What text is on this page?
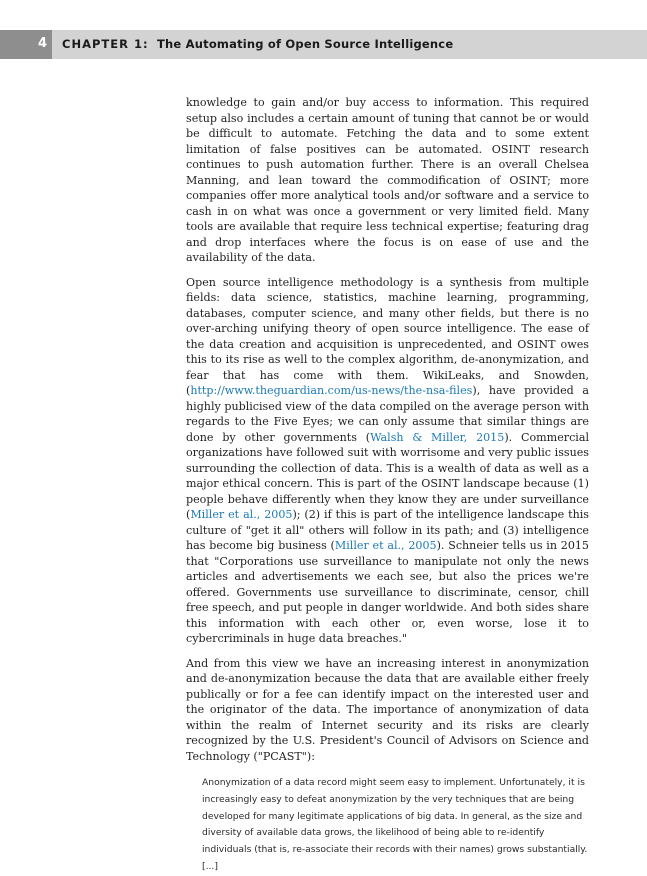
4 CHAPTER 1: The Automating of Open Source Intelligence

knowledge to gain and/or buy access to information. This required setup also includes a certain amount of tuning that cannot be or would be difficult to automate. Fetching the data and to some extent limitation of false positives can be automated. OSINT research continues to push automation further. There is an overall Chelsea Manning, and lean toward the commodification of OSINT; more companies offer more analytical tools and/or software and a service to cash in on what was once a government or very limited field. Many tools are available that require less technical expertise; featuring drag and drop interfaces where the focus is on ease of use and the availability of the data.

Open source intelligence methodology is a synthesis from multiple fields: data science, statistics, machine learning, programming, databases, computer science, and many other fields, but there is no over-arching unifying theory of open source intelligence. The ease of the data creation and acquisition is unprecedented, and OSINT owes this to its rise as well to the complex algorithm, de-anonymization, and fear that has come with them. WikiLeaks, and Snowden, (http://www.theguardian.com/us-news/the-nsa-files), have provided a highly publicised view of the data compiled on the average person with regards to the Five Eyes; we can only assume that similar things are done by other governments (Walsh & Miller, 2015). Commercial organizations have followed suit with worrisome and very public issues surrounding the collection of data. This is a wealth of data as well as a major ethical concern. This is part of the OSINT landscape because (1) people behave differently when they know they are under surveillance (Miller et al., 2005); (2) if this is part of the intelligence landscape this culture of "get it all" others will follow in its path; and (3) intelligence has become big business (Miller et al., 2005). Schneier tells us in 2015 that "Corporations use surveillance to manipulate not only the news articles and advertisements we each see, but also the prices we're offered. Governments use surveillance to discriminate, censor, chill free speech, and put people in danger worldwide. And both sides share this information with each other or, even worse, lose it to cybercriminals in huge data breaches."

And from this view we have an increasing interest in anonymization and de-anonymization because the data that are available either freely publically or for a fee can identify impact on the interested user and the originator of the data. The importance of anonymization of data within the realm of Internet security and its risks are clearly recognized by the U.S. President's Council of Advisors on Science and Technology ("PCAST"):

Anonymization of a data record might seem easy to implement. Unfortunately, it is increasingly easy to defeat anonymization by the very techniques that are being developed for many legitimate applications of big data. In general, as the size and diversity of available data grows, the likelihood of being able to re-identify individuals (that is, re-associate their records with their names) grows substantially. [...]
